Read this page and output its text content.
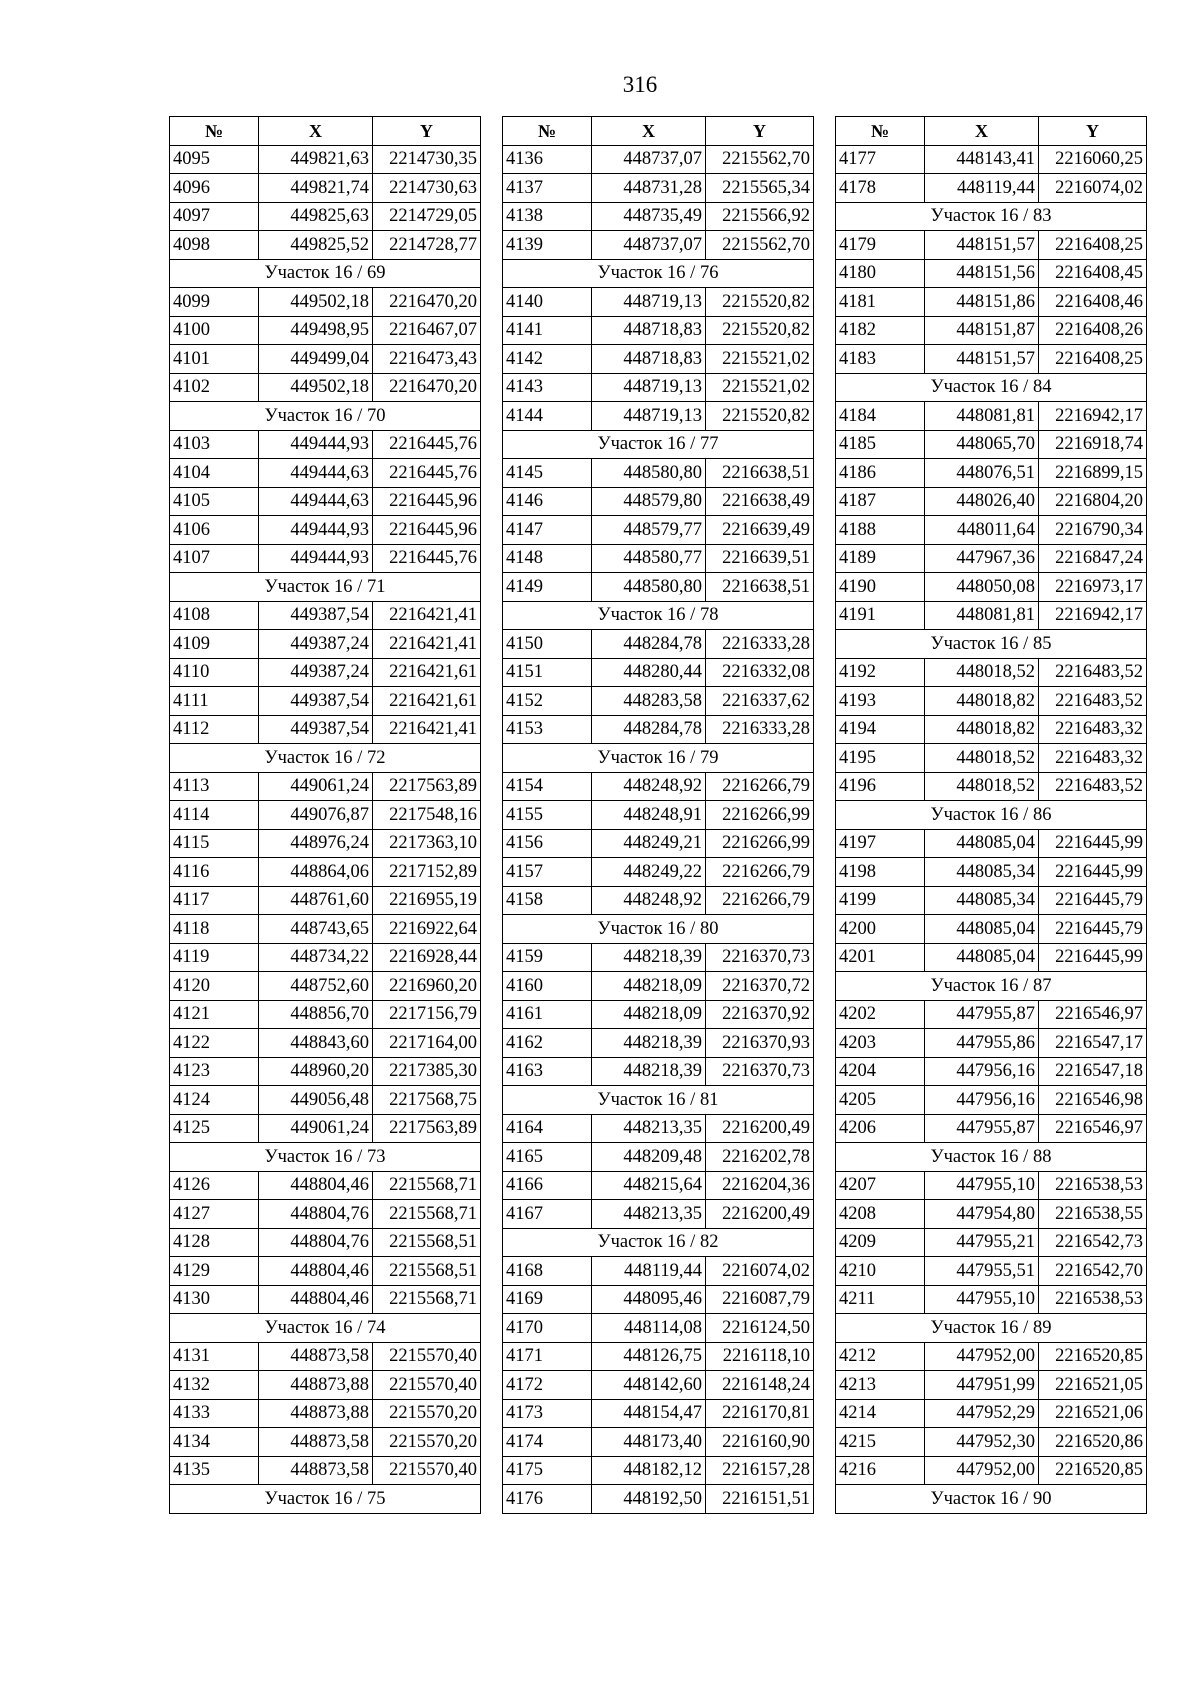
316
№	X	Y
4095	449821,63	2214730,35
4096	449821,74	2214730,63
4097	449825,63	2214729,05
4098	449825,52	2214728,77
Участок 16 / 69		
4099	449502,18	2216470,20
4100	449498,95	2216467,07
4101	449499,04	2216473,43
4102	449502,18	2216470,20
Участок 16 / 70		
4103	449444,93	2216445,76
4104	449444,63	2216445,76
4105	449444,63	2216445,96
4106	449444,93	2216445,96
4107	449444,93	2216445,76
Участок 16 / 71		
4108	449387,54	2216421,41
4109	449387,24	2216421,41
4110	449387,24	2216421,61
4111	449387,54	2216421,61
4112	449387,54	2216421,41
Участок 16 / 72		
4113	449061,24	2217563,89
4114	449076,87	2217548,16
4115	448976,24	2217363,10
4116	448864,06	2217152,89
4117	448761,60	2216955,19
4118	448743,65	2216922,64
4119	448734,22	2216928,44
4120	448752,60	2216960,20
4121	448856,70	2217156,79
4122	448843,60	2217164,00
4123	448960,20	2217385,30
4124	449056,48	2217568,75
4125	449061,24	2217563,89
Участок 16 / 73		
4126	448804,46	2215568,71
4127	448804,76	2215568,71
4128	448804,76	2215568,51
4129	448804,46	2215568,51
4130	448804,46	2215568,71
Участок 16 / 74		
4131	448873,58	2215570,40
4132	448873,88	2215570,40
4133	448873,88	2215570,20
4134	448873,58	2215570,20
4135	448873,58	2215570,40
Участок 16 / 75		
№	X	Y
4136	448737,07	2215562,70
4137	448731,28	2215565,34
4138	448735,49	2215566,92
4139	448737,07	2215562,70
Участок 16 / 76		
4140	448719,13	2215520,82
4141	448718,83	2215520,82
4142	448718,83	2215521,02
4143	448719,13	2215521,02
4144	448719,13	2215520,82
Участок 16 / 77		
4145	448580,80	2216638,51
4146	448579,80	2216638,49
4147	448579,77	2216639,49
4148	448580,77	2216639,51
4149	448580,80	2216638,51
Участок 16 / 78		
4150	448284,78	2216333,28
4151	448280,44	2216332,08
4152	448283,58	2216337,62
4153	448284,78	2216333,28
Участок 16 / 79		
4154	448248,92	2216266,79
4155	448248,91	2216266,99
4156	448249,21	2216266,99
4157	448249,22	2216266,79
4158	448248,92	2216266,79
Участок 16 / 80		
4159	448218,39	2216370,73
4160	448218,09	2216370,72
4161	448218,09	2216370,92
4162	448218,39	2216370,93
4163	448218,39	2216370,73
Участок 16 / 81		
4164	448213,35	2216200,49
4165	448209,48	2216202,78
4166	448215,64	2216204,36
4167	448213,35	2216200,49
Участок 16 / 82		
4168	448119,44	2216074,02
4169	448095,46	2216087,79
4170	448114,08	2216124,50
4171	448126,75	2216118,10
4172	448142,60	2216148,24
4173	448154,47	2216170,81
4174	448173,40	2216160,90
4175	448182,12	2216157,28
4176	448192,50	2216151,51
№	X	Y
4177	448143,41	2216060,25
4178	448119,44	2216074,02
Участок 16 / 83		
4179	448151,57	2216408,25
4180	448151,56	2216408,45
4181	448151,86	2216408,46
4182	448151,87	2216408,26
4183	448151,57	2216408,25
Участок 16 / 84		
4184	448081,81	2216942,17
4185	448065,70	2216918,74
4186	448076,51	2216899,15
4187	448026,40	2216804,20
4188	448011,64	2216790,34
4189	447967,36	2216847,24
4190	448050,08	2216973,17
4191	448081,81	2216942,17
Участок 16 / 85		
4192	448018,52	2216483,52
4193	448018,82	2216483,52
4194	448018,82	2216483,32
4195	448018,52	2216483,32
4196	448018,52	2216483,52
Участок 16 / 86		
4197	448085,04	2216445,99
4198	448085,34	2216445,99
4199	448085,34	2216445,79
4200	448085,04	2216445,79
4201	448085,04	2216445,99
Участок 16 / 87		
4202	447955,87	2216546,97
4203	447955,86	2216547,17
4204	447956,16	2216547,18
4205	447956,16	2216546,98
4206	447955,87	2216546,97
Участок 16 / 88		
4207	447955,10	2216538,53
4208	447954,80	2216538,55
4209	447955,21	2216542,73
4210	447955,51	2216542,70
4211	447955,10	2216538,53
Участок 16 / 89		
4212	447952,00	2216520,85
4213	447951,99	2216521,05
4214	447952,29	2216521,06
4215	447952,30	2216520,86
4216	447952,00	2216520,85
Участок 16 / 90		
